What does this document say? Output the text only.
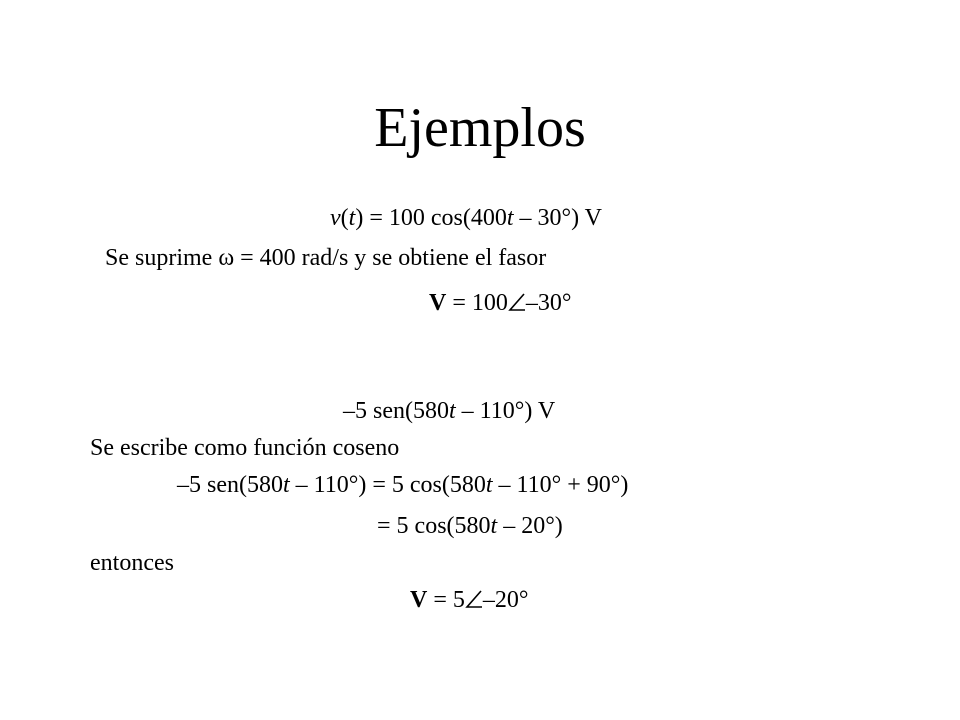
Ejemplos
v(t) = 100 cos(400t – 30°) V
Se suprime ω = 400 rad/s y se obtiene el fasor
V = 100 –30°
–5 sen(580t – 110°) V
Se escribe como función coseno
–5 sen(580t – 110°) = 5 cos(580t – 110° + 90°)
= 5 cos(580t – 20°)
entonces
V = 5 –20°
